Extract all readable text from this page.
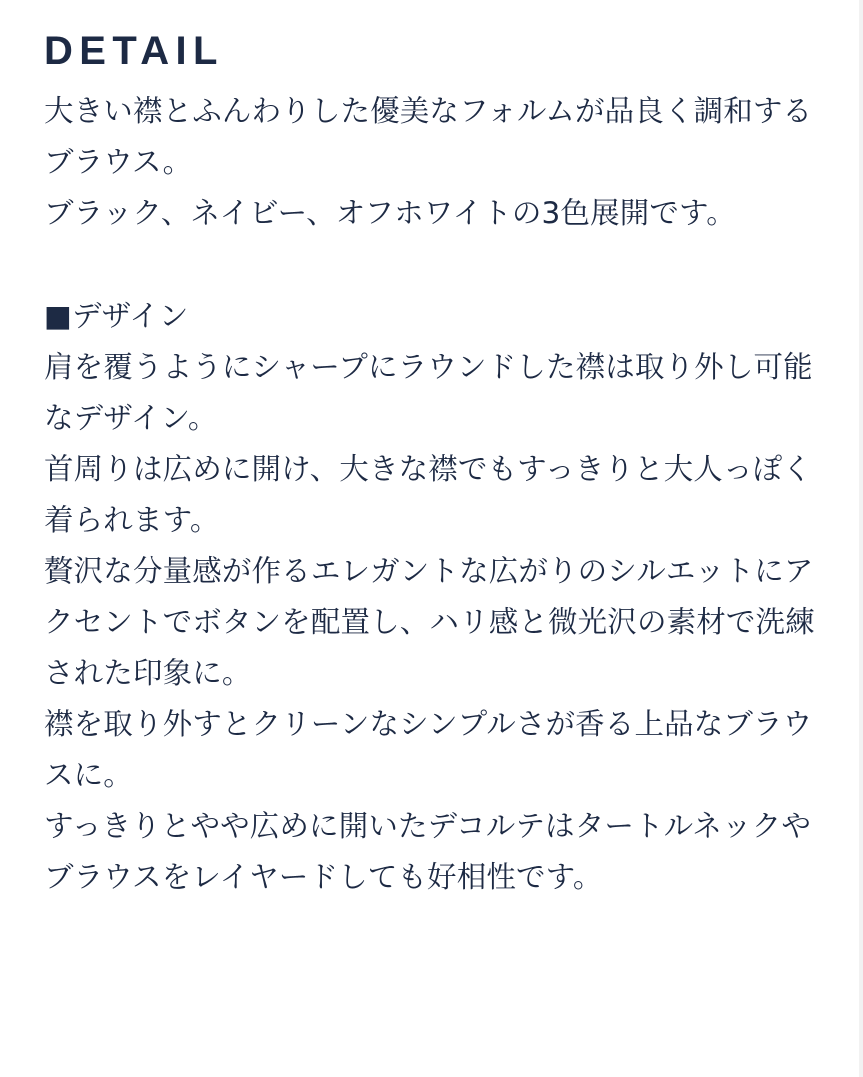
DETAIL

大きい襟とふんわりした優美なフォルムが品良く調和するブラウス。

ブラック、ネイビー、オフホワイトの3色展開です。

■デザイン

肩を覆うようにシャープにラウンドした襟は取り外し可能なデザイン。

首周りは広めに開け、大きな襟でもすっきりと大人っぽく着られます。

贅沢な分量感が作るエレガントな広がりのシルエットにアクセントでボタンを配置し、ハリ感と微光沢の素材で洗練された印象に。

襟を取り外すとクリーンなシンプルさが香る上品なブラウスに。

すっきりとやや広めに開いたデコルテはタートルネックやブラウスをレイヤードしても好相性です。
